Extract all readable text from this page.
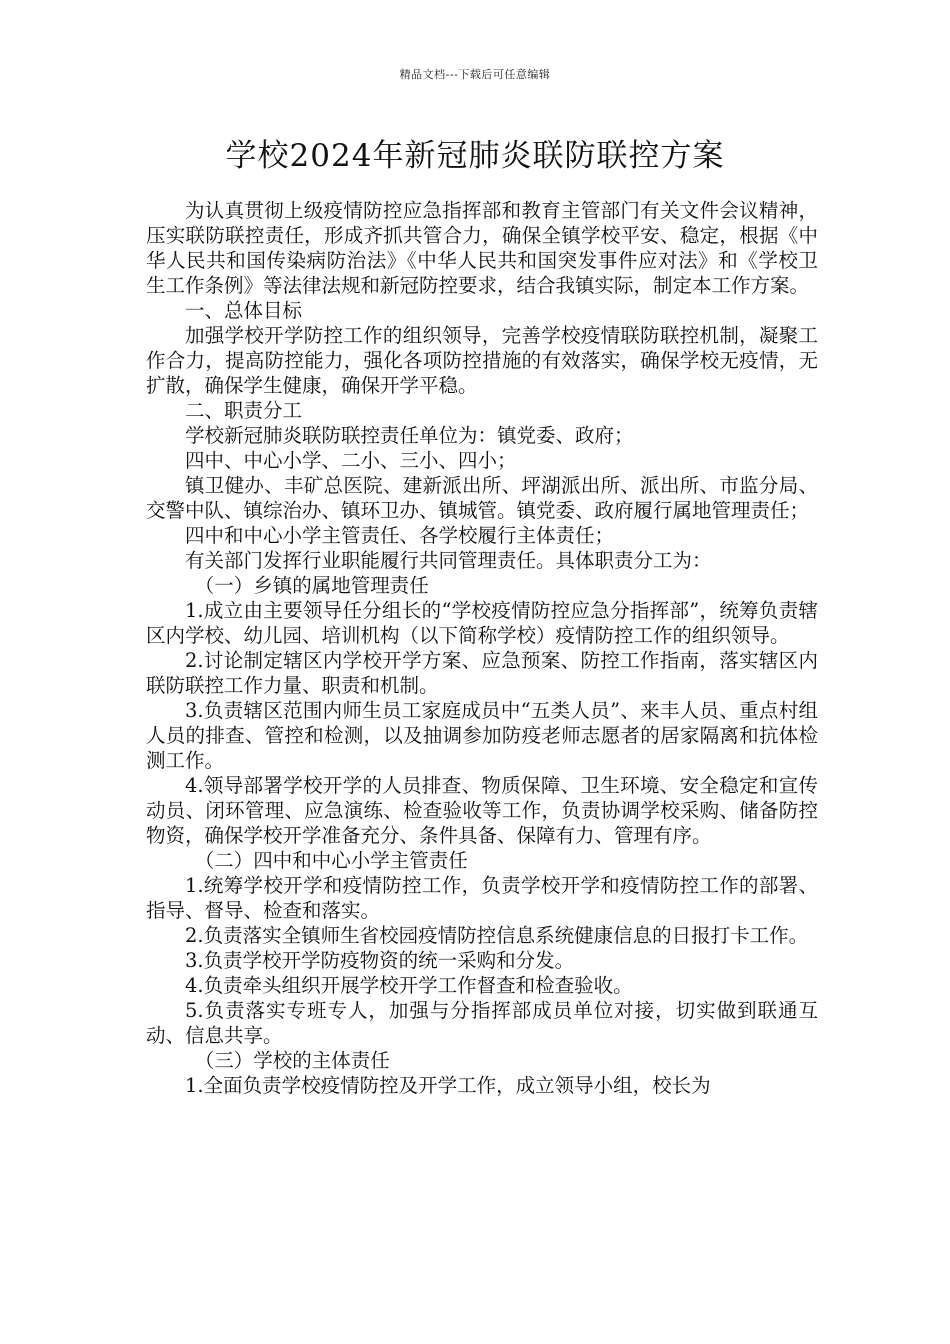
精品文档---下载后可任意编辑
学校2024年新冠肺炎联防联控方案

为认真贯彻上级疫情防控应急指挥部和教育主管部门有关文件会议精神，压实联防联控责任，形成齐抓共管合力，确保全镇学校平安、稳定，根据《中华人民共和国传染病防治法》《中华人民共和国突发事件应对法》和《学校卫生工作条例》等法律法规和新冠防控要求，结合我镇实际，制定本工作方案。

一、总体目标

加强学校开学防控工作的组织领导，完善学校疫情联防联控机制，凝聚工作合力，提高防控能力，强化各项防控措施的有效落实，确保学校无疫情，无扩散，确保学生健康，确保开学平稳。

二、职责分工

学校新冠肺炎联防联控责任单位为：镇党委、政府；

四中、中心小学、二小、三小、四小；

镇卫健办、丰矿总医院、建新派出所、坪湖派出所、派出所、市监分局、交警中队、镇综治办、镇环卫办、镇城管。镇党委、政府履行属地管理责任；

四中和中心小学主管责任、各学校履行主体责任；

有关部门发挥行业职能履行共同管理责任。具体职责分工为：

（一）乡镇的属地管理责任

1.成立由主要领导任分组长的“学校疫情防控应急分指挥部”，统筹负责辖区内学校、幼儿园、培训机构（以下简称学校）疫情防控工作的组织领导。

2.讨论制定辖区内学校开学方案、应急预案、防控工作指南，落实辖区内联防联控工作力量、职责和机制。

3.负责辖区范围内师生员工家庭成员中“五类人员”、来丰人员、重点村组人员的排查、管控和检测，以及抽调参加防疫老师志愿者的居家隔离和抗体检测工作。

4.领导部署学校开学的人员排查、物质保障、卫生环境、安全稳定和宣传动员、闭环管理、应急演练、检查验收等工作，负责协调学校采购、储备防控物资，确保学校开学准备充分、条件具备、保障有力、管理有序。

（二）四中和中心小学主管责任

1.统筹学校开学和疫情防控工作，负责学校开学和疫情防控工作的部署、指导、督导、检查和落实。

2.负责落实全镇师生省校园疫情防控信息系统健康信息的日报打卡工作。

3.负责学校开学防疫物资的统一采购和分发。

4.负责牵头组织开展学校开学工作督查和检查验收。

5.负责落实专班专人，加强与分指挥部成员单位对接，切实做到联通互动、信息共享。

（三）学校的主体责任

1.全面负责学校疫情防控及开学工作，成立领导小组，校长为
